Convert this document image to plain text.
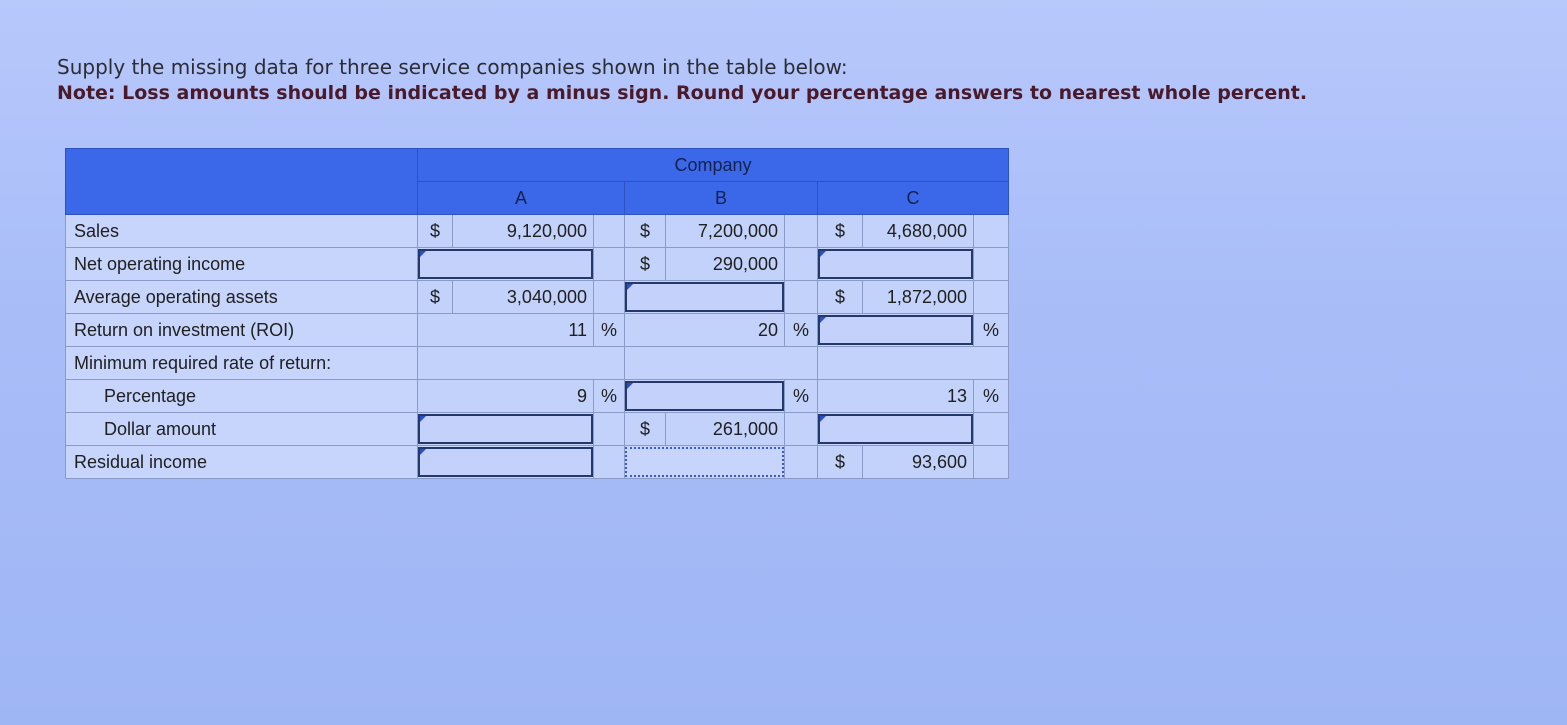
Supply the missing data for three service companies shown in the table below:
Note: Loss amounts should be indicated by a minus sign. Round your percentage answers to nearest whole percent.
	Company								
	A			B			C		
Sales	$	9,120,000		$	7,200,000		$	4,680,000	
Net operating income				$	290,000			

Average operating assets	$	3,040,000					$	1,872,000	
Return on investment (ROI)	11		%	20		%			%
Minimum required rate of return:									
Percentage	9		%			%	13		%
Dollar amount				$	261,000			

Residual income							$	93,600	
